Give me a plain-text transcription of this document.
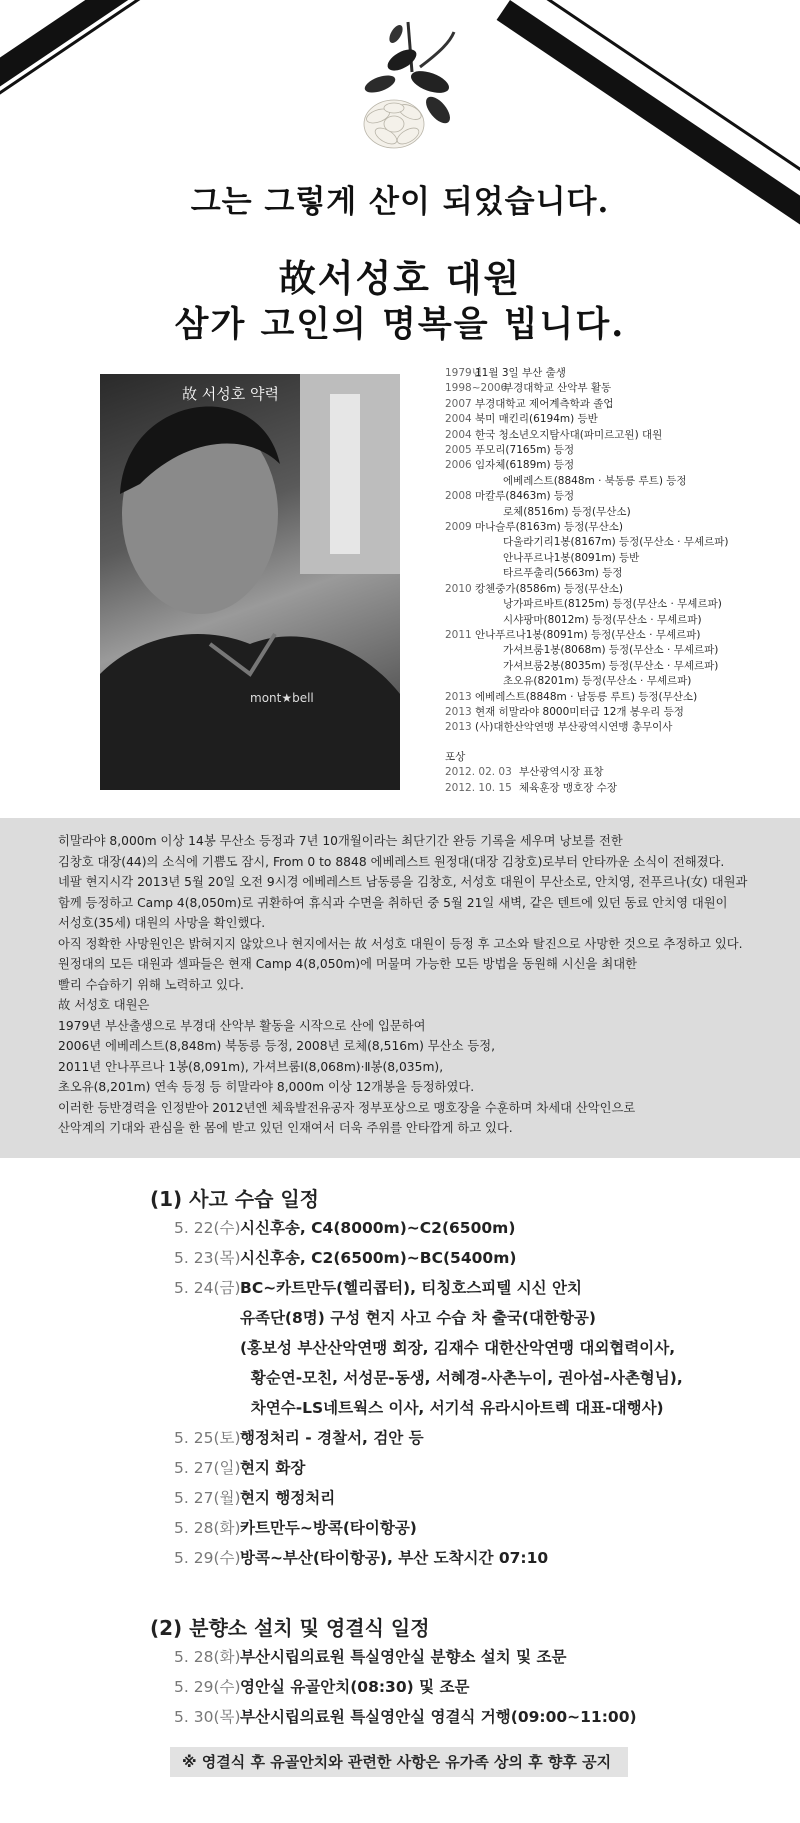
그는 그렇게 산이 되었습니다.
故서성호 대원
삼가 고인의 명복을 빕니다.
mont★bell
故 서성호 약력
1979년
11월 3일 부산 출생
1998~2006
부경대학교 산악부 활동
2007 부경대학교 제어계측학과 졸업
2004 북미 매킨리(6194m) 등반
2004 한국 청소년오지탐사대(파미르고원) 대원
2005 푸모리(7165m) 등정
2006 임자체(6189m) 등정
에베레스트(8848m · 북동릉 루트) 등정
2008 마칼루(8463m) 등정
로체(8516m) 등정(무산소)
2009 마나슬루(8163m) 등정(무산소)
다울라기리1봉(8167m) 등정(무산소 · 무셰르파)
안나푸르나1봉(8091m) 등반
타르푸출리(5663m) 등정
2010 캉첸중가(8586m) 등정(무산소)
낭가파르바트(8125m) 등정(무산소 · 무셰르파)
시샤팡마(8012m) 등정(무산소 · 무셰르파)
2011 안나푸르나1봉(8091m) 등정(무산소 · 무셰르파)
가셔브룸1봉(8068m) 등정(무산소 · 무셰르파)
가셔브룸2봉(8035m) 등정(무산소 · 무셰르파)
초오유(8201m) 등정(무산소 · 무셰르파)
2013 에베레스트(8848m · 남동릉 루트) 등정(무산소)
2013 현재 히말라야 8000미터급 12개 봉우리 등정
2013 (사)대한산악연맹 부산광역시연맹 총무이사
포상
2012. 02. 03 부산광역시장 표창
2012. 10. 15 체육훈장 맹호장 수장
히말라야 8,000m 이상 14봉 무산소 등정과 7년 10개월이라는 최단기간 완등 기록을 세우며 낭보를 전한
김창호 대장(44)의 소식에 기쁨도 잠시, From 0 to 8848 에베레스트 원정대(대장 김창호)로부터 안타까운 소식이 전해졌다.
네팔 현지시각 2013년 5월 20일 오전 9시경 에베레스트 남동릉을 김창호, 서성호 대원이 무산소로, 안치영, 전푸르나(女) 대원과
함께 등정하고 Camp 4(8,050m)로 귀환하여 휴식과 수면을 취하던 중 5월 21일 새벽, 같은 텐트에 있던 동료 안치영 대원이
서성호(35세) 대원의 사망을 확인했다.
아직 정확한 사망원인은 밝혀지지 않았으나 현지에서는 故 서성호 대원이 등정 후 고소와 탈진으로 사망한 것으로 추정하고 있다.
원정대의 모든 대원과 셀파들은 현재 Camp 4(8,050m)에 머물며 가능한 모든 방법을 동원해 시신을 최대한
빨리 수습하기 위해 노력하고 있다.
故 서성호 대원은
1979년 부산출생으로 부경대 산악부 활동을 시작으로 산에 입문하여
2006년 에베레스트(8,848m) 북동릉 등정, 2008년 로체(8,516m) 무산소 등정,
2011년 안나푸르나 1봉(8,091m), 가셔브룸Ⅰ(8,068m)·Ⅱ봉(8,035m),
초오유(8,201m) 연속 등정 등 히말라야 8,000m 이상 12개봉을 등정하였다.
이러한 등반경력을 인정받아 2012년엔 체육발전유공자 정부포상으로 맹호장을 수훈하며 차세대 산악인으로
산악계의 기대와 관심을 한 몸에 받고 있던 인재여서 더욱 주위를 안타깝게 하고 있다.
(1) 사고 수습 일정
5. 22(수) 시신후송, C4(8000m)~C2(6500m)
5. 23(목) 시신후송, C2(6500m)~BC(5400m)
5. 24(금) BC~카트만두(헬리콥터), 티칭호스피텔 시신 안치
유족단(8명) 구성 현지 사고 수습 차 출국(대한항공)
(홍보성 부산산악연맹 회장, 김재수 대한산악연맹 대외협력이사,
황순연-모친, 서성문-동생, 서혜경-사촌누이, 권아섬-사촌형님),
차연수-LS네트웍스 이사, 서기석 유라시아트렉 대표-대행사)
5. 25(토) 행정처리 - 경찰서, 검안 등
5. 27(일) 현지 화장
5. 27(월) 현지 행정처리
5. 28(화) 카트만두~방콕(타이항공)
5. 29(수) 방콕~부산(타이항공), 부산 도착시간 07:10
(2) 분향소 설치 및 영결식 일정
5. 28(화) 부산시립의료원 특실영안실 분향소 설치 및 조문
5. 29(수) 영안실 유골안치(08:30) 및 조문
5. 30(목) 부산시립의료원 특실영안실 영결식 거행(09:00~11:00)
※ 영결식 후 유골안치와 관련한 사항은 유가족 상의 후 향후 공지
